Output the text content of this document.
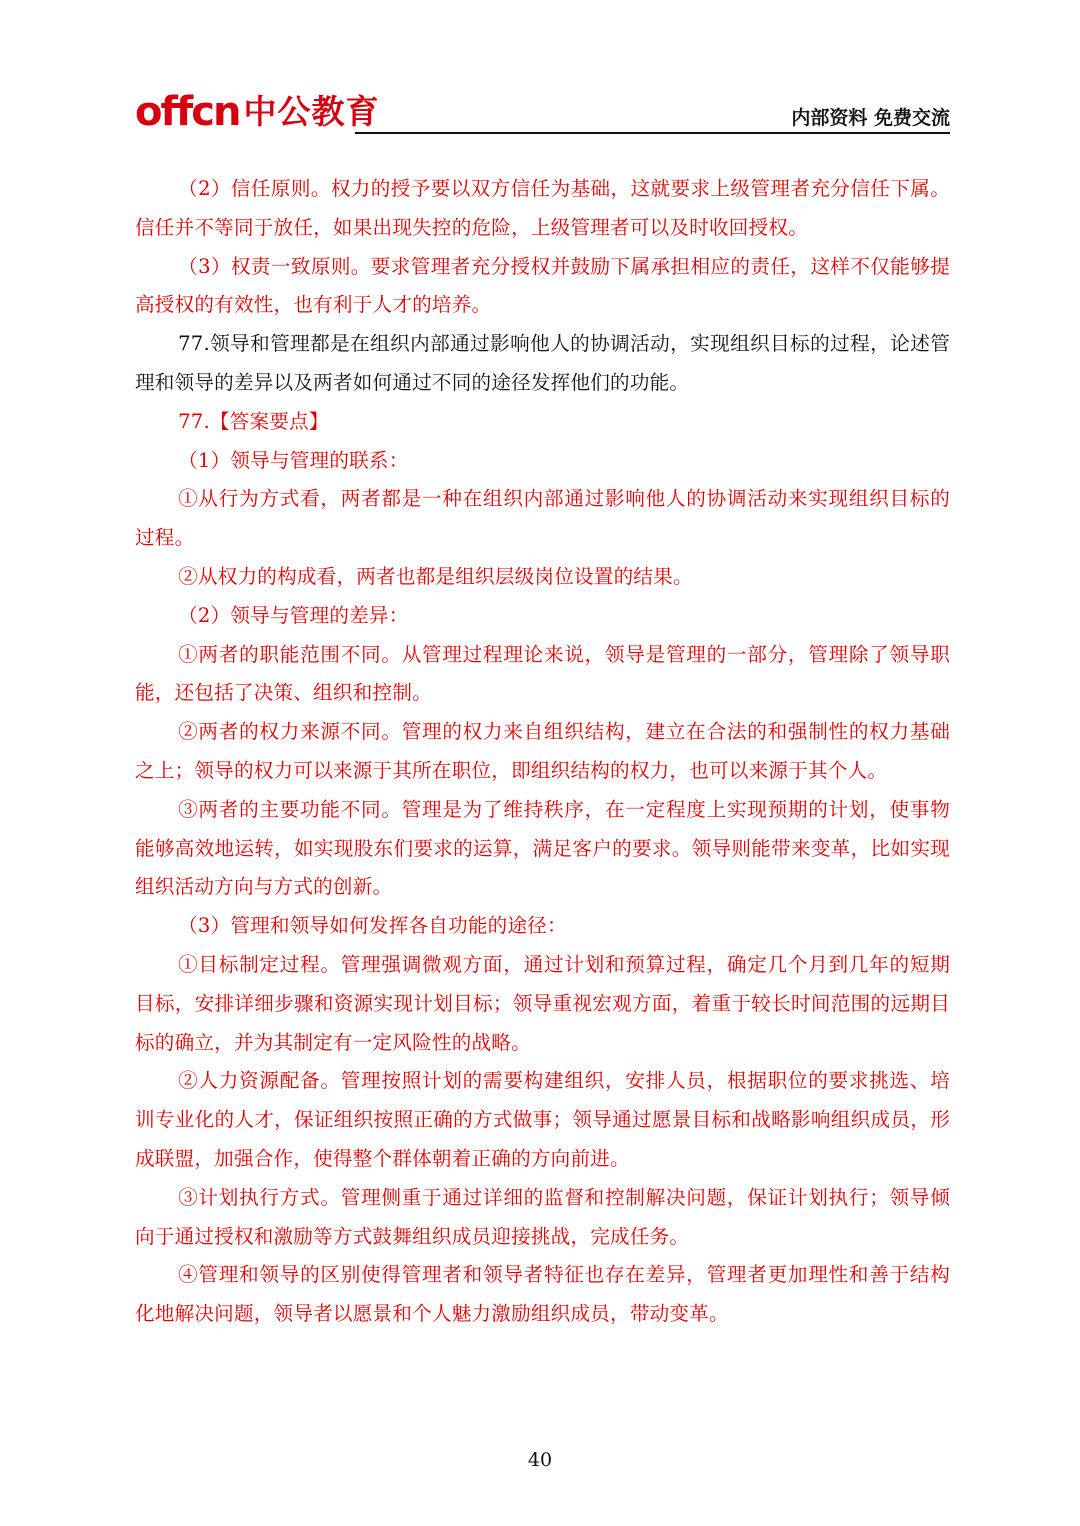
offcn 中公教育	内部资料 免费交流

（2）信任原则。权力的授予要以双方信任为基础，这就要求上级管理者充分信任下属。信任并不等同于放任，如果出现失控的危险，上级管理者可以及时收回授权。

（3）权责一致原则。要求管理者充分授权并鼓励下属承担相应的责任，这样不仅能够提高授权的有效性，也有利于人才的培养。

77.领导和管理都是在组织内部通过影响他人的协调活动，实现组织目标的过程，论述管理和领导的差异以及两者如何通过不同的途径发挥他们的功能。

77.【答案要点】

（1）领导与管理的联系：

①从行为方式看，两者都是一种在组织内部通过影响他人的协调活动来实现组织目标的过程。

②从权力的构成看，两者也都是组织层级岗位设置的结果。

（2）领导与管理的差异：

①两者的职能范围不同。从管理过程理论来说，领导是管理的一部分，管理除了领导职能，还包括了决策、组织和控制。

②两者的权力来源不同。管理的权力来自组织结构，建立在合法的和强制性的权力基础之上；领导的权力可以来源于其所在职位，即组织结构的权力，也可以来源于其个人。

③两者的主要功能不同。管理是为了维持秩序，在一定程度上实现预期的计划，使事物能够高效地运转，如实现股东们要求的运算，满足客户的要求。领导则能带来变革，比如实现组织活动方向与方式的创新。

（3）管理和领导如何发挥各自功能的途径：

①目标制定过程。管理强调微观方面，通过计划和预算过程，确定几个月到几年的短期目标，安排详细步骤和资源实现计划目标；领导重视宏观方面，着重于较长时间范围的远期目标的确立，并为其制定有一定风险性的战略。

②人力资源配备。管理按照计划的需要构建组织，安排人员，根据职位的要求挑选、培训专业化的人才，保证组织按照正确的方式做事；领导通过愿景目标和战略影响组织成员，形成联盟，加强合作，使得整个群体朝着正确的方向前进。

③计划执行方式。管理侧重于通过详细的监督和控制解决问题，保证计划执行；领导倾向于通过授权和激励等方式鼓舞组织成员迎接挑战，完成任务。

④管理和领导的区别使得管理者和领导者特征也存在差异，管理者更加理性和善于结构化地解决问题，领导者以愿景和个人魅力激励组织成员，带动变革。

40
